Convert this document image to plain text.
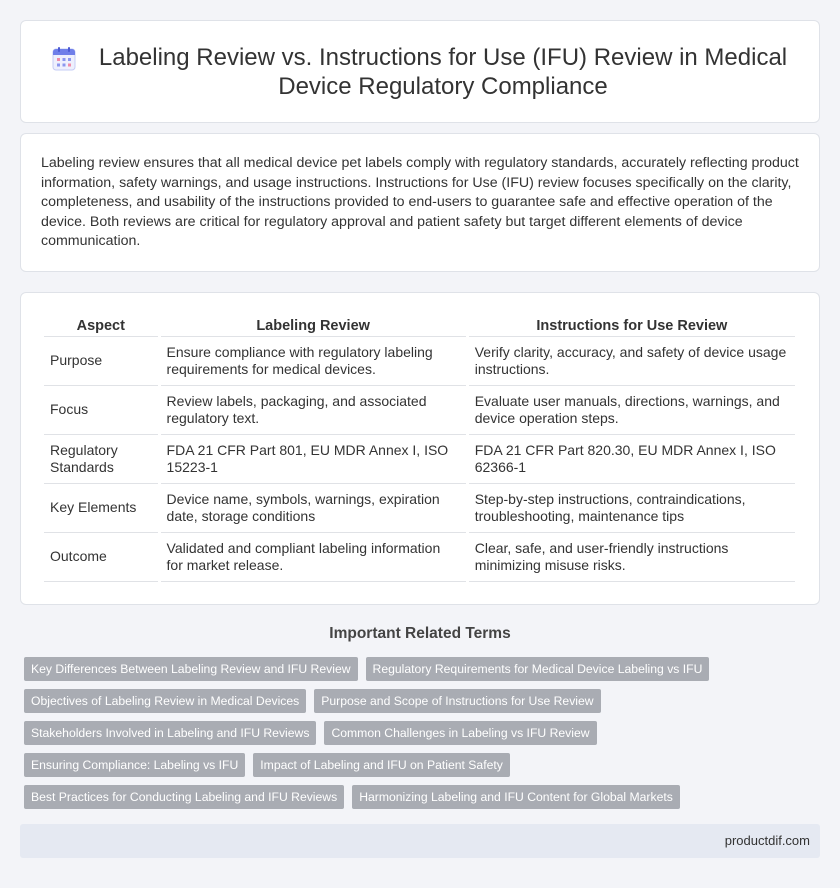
Labeling Review vs. Instructions for Use (IFU) Review in Medical Device Regulatory Compliance

Labeling review ensures that all medical device pet labels comply with regulatory standards, accurately reflecting product information, safety warnings, and usage instructions. Instructions for Use (IFU) review focuses specifically on the clarity, completeness, and usability of the instructions provided to end-users to guarantee safe and effective operation of the device. Both reviews are critical for regulatory approval and patient safety but target different elements of device communication.

Aspect	Labeling Review	Instructions for Use Review
Purpose	Ensure compliance with regulatory labeling requirements for medical devices.	Verify clarity, accuracy, and safety of device usage instructions.
Focus	Review labels, packaging, and associated regulatory text.	Evaluate user manuals, directions, warnings, and device operation steps.
Regulatory Standards	FDA 21 CFR Part 801, EU MDR Annex I, ISO 15223-1	FDA 21 CFR Part 820.30, EU MDR Annex I, ISO 62366-1
Key Elements	Device name, symbols, warnings, expiration date, storage conditions	Step-by-step instructions, contraindications, troubleshooting, maintenance tips
Outcome	Validated and compliant labeling information for market release.	Clear, safe, and user-friendly instructions minimizing misuse risks.
Important Related Terms
Key Differences Between Labeling Review and IFU Review	Regulatory Requirements for Medical Device Labeling vs IFU
Objectives of Labeling Review in Medical Devices	Purpose and Scope of Instructions for Use Review
Stakeholders Involved in Labeling and IFU Reviews	Common Challenges in Labeling vs IFU Review
Ensuring Compliance: Labeling vs IFU	Impact of Labeling and IFU on Patient Safety
Best Practices for Conducting Labeling and IFU Reviews	Harmonizing Labeling and IFU Content for Global Markets
productdif.com
